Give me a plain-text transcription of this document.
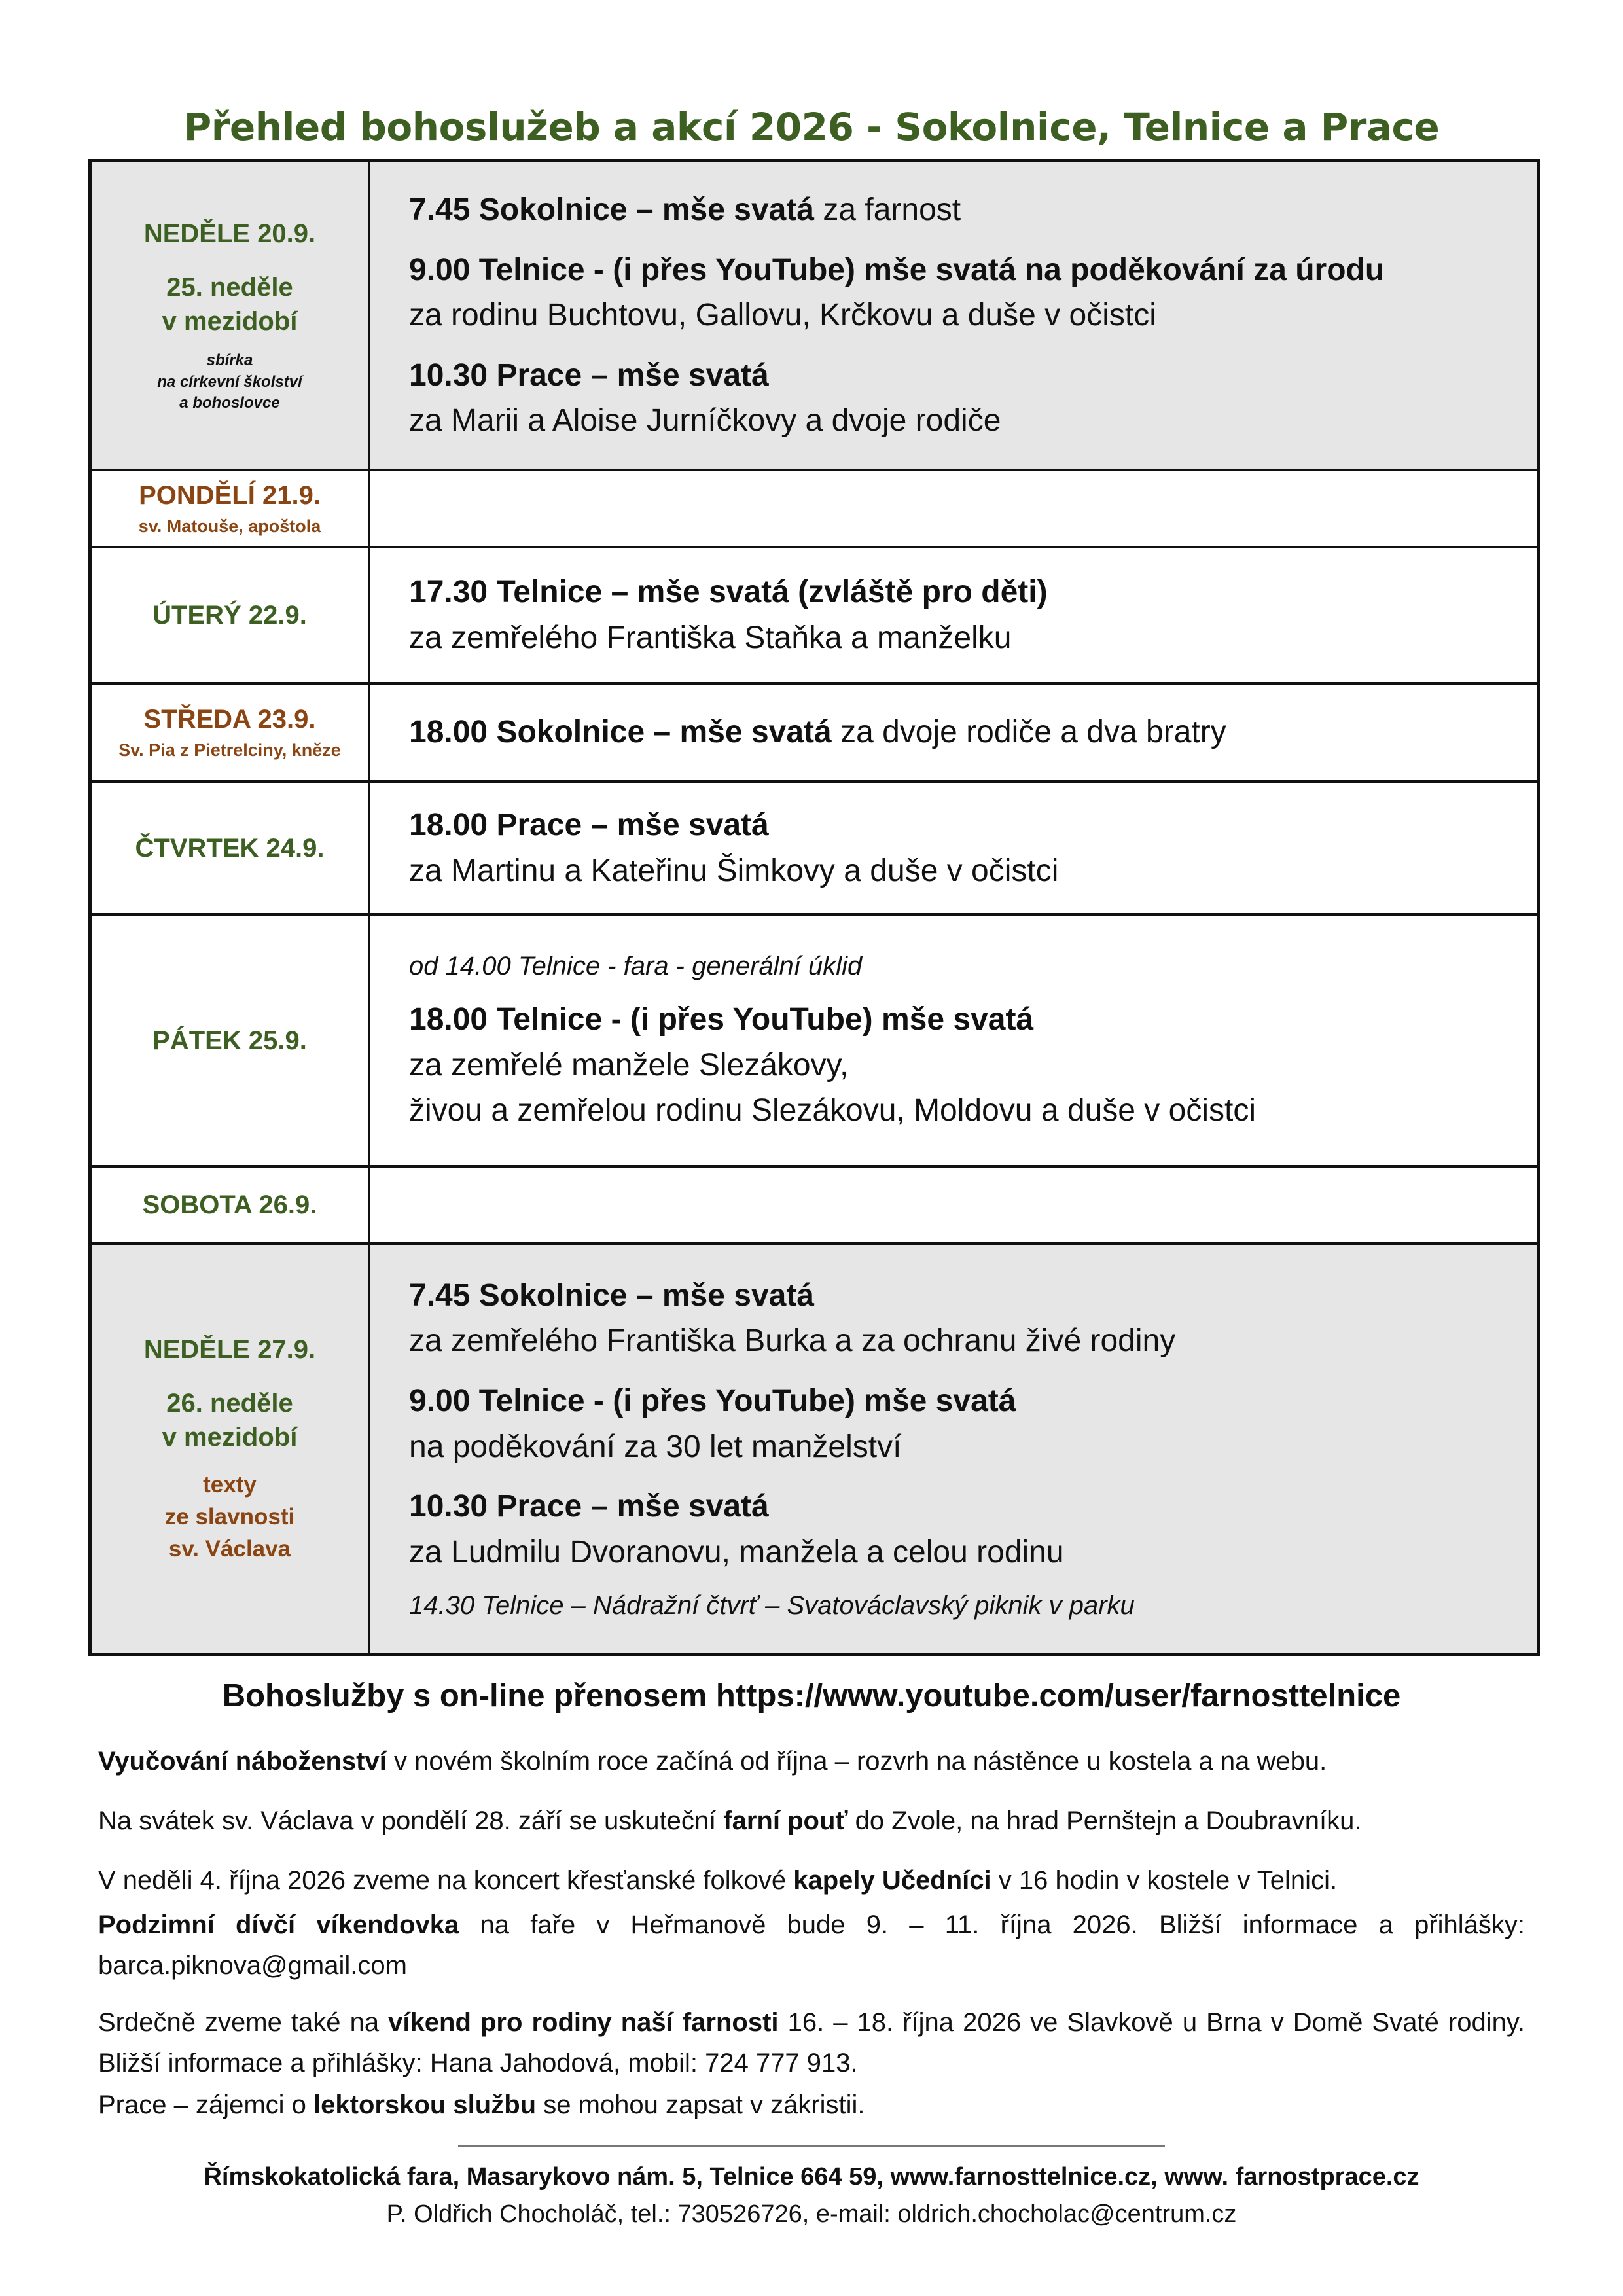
Přehled bohoslužeb a akcí 2026 - Sokolnice, Telnice a Prace
NEDĚLE 20.9.
25. neděle
v mezidobí
sbírka
na církevní školství
a bohoslovce
7.45 Sokolnice – mše svatá za farnost
9.00 Telnice - (i přes YouTube) mše svatá na poděkování za úrodu
za rodinu Buchtovu, Gallovu, Krčkovu a duše v očistci
10.30 Prace – mše svatá
za Marii a Aloise Jurníčkovy a dvoje rodiče
PONDĚLÍ 21.9.
sv. Matouše, apoštola
ÚTERÝ 22.9.
17.30 Telnice – mše svatá (zvláště pro děti)
za zemřelého Františka Staňka a manželku
STŘEDA 23.9.
Sv. Pia z Pietrelciny, kněze
18.00 Sokolnice – mše svatá za dvoje rodiče a dva bratry
ČTVRTEK 24.9.
18.00 Prace – mše svatá
za Martinu a Kateřinu Šimkovy a duše v očistci
PÁTEK 25.9.
od 14.00 Telnice - fara - generální úklid
18.00 Telnice - (i přes YouTube) mše svatá
za zemřelé manžele Slezákovy,
živou a zemřelou rodinu Slezákovu, Moldovu a duše v očistci
SOBOTA 26.9.
NEDĚLE 27.9.
26. neděle
v mezidobí
texty
ze slavnosti
sv. Václava
7.45 Sokolnice – mše svatá
za zemřelého Františka Burka a za ochranu živé rodiny
9.00 Telnice - (i přes YouTube) mše svatá
na poděkování za 30 let manželství
10.30 Prace – mše svatá
za Ludmilu Dvoranovu, manžela a celou rodinu
14.30 Telnice – Nádražní čtvrť – Svatováclavský piknik v parku
Bohoslužby s on-line přenosem https://www.youtube.com/user/farnosttelnice
Vyučování náboženství v novém školním roce začíná od října – rozvrh na nástěnce u kostela a na webu.
Na svátek sv. Václava v pondělí 28. září se uskuteční farní pouť do Zvole, na hrad Pernštejn a Doubravníku.
V neděli 4. října 2026 zveme na koncert křesťanské folkové kapely Učedníci v 16 hodin v kostele v Telnici.
Podzimní dívčí víkendovka na faře v Heřmanově bude 9. – 11. října 2026. Bližší informace a přihlášky: barca.piknova@gmail.com
Srdečně zveme také na víkend pro rodiny naší farnosti 16. – 18. října 2026 ve Slavkově u Brna v Domě Svaté rodiny. Bližší informace a přihlášky: Hana Jahodová, mobil: 724 777 913.
Prace – zájemci o lektorskou službu se mohou zapsat v zákristii.
Římskokatolická fara, Masarykovo nám. 5, Telnice 664 59, www.farnosttelnice.cz, www. farnostprace.cz
P. Oldřich Chocholáč, tel.: 730526726, e-mail: oldrich.chocholac@centrum.cz
